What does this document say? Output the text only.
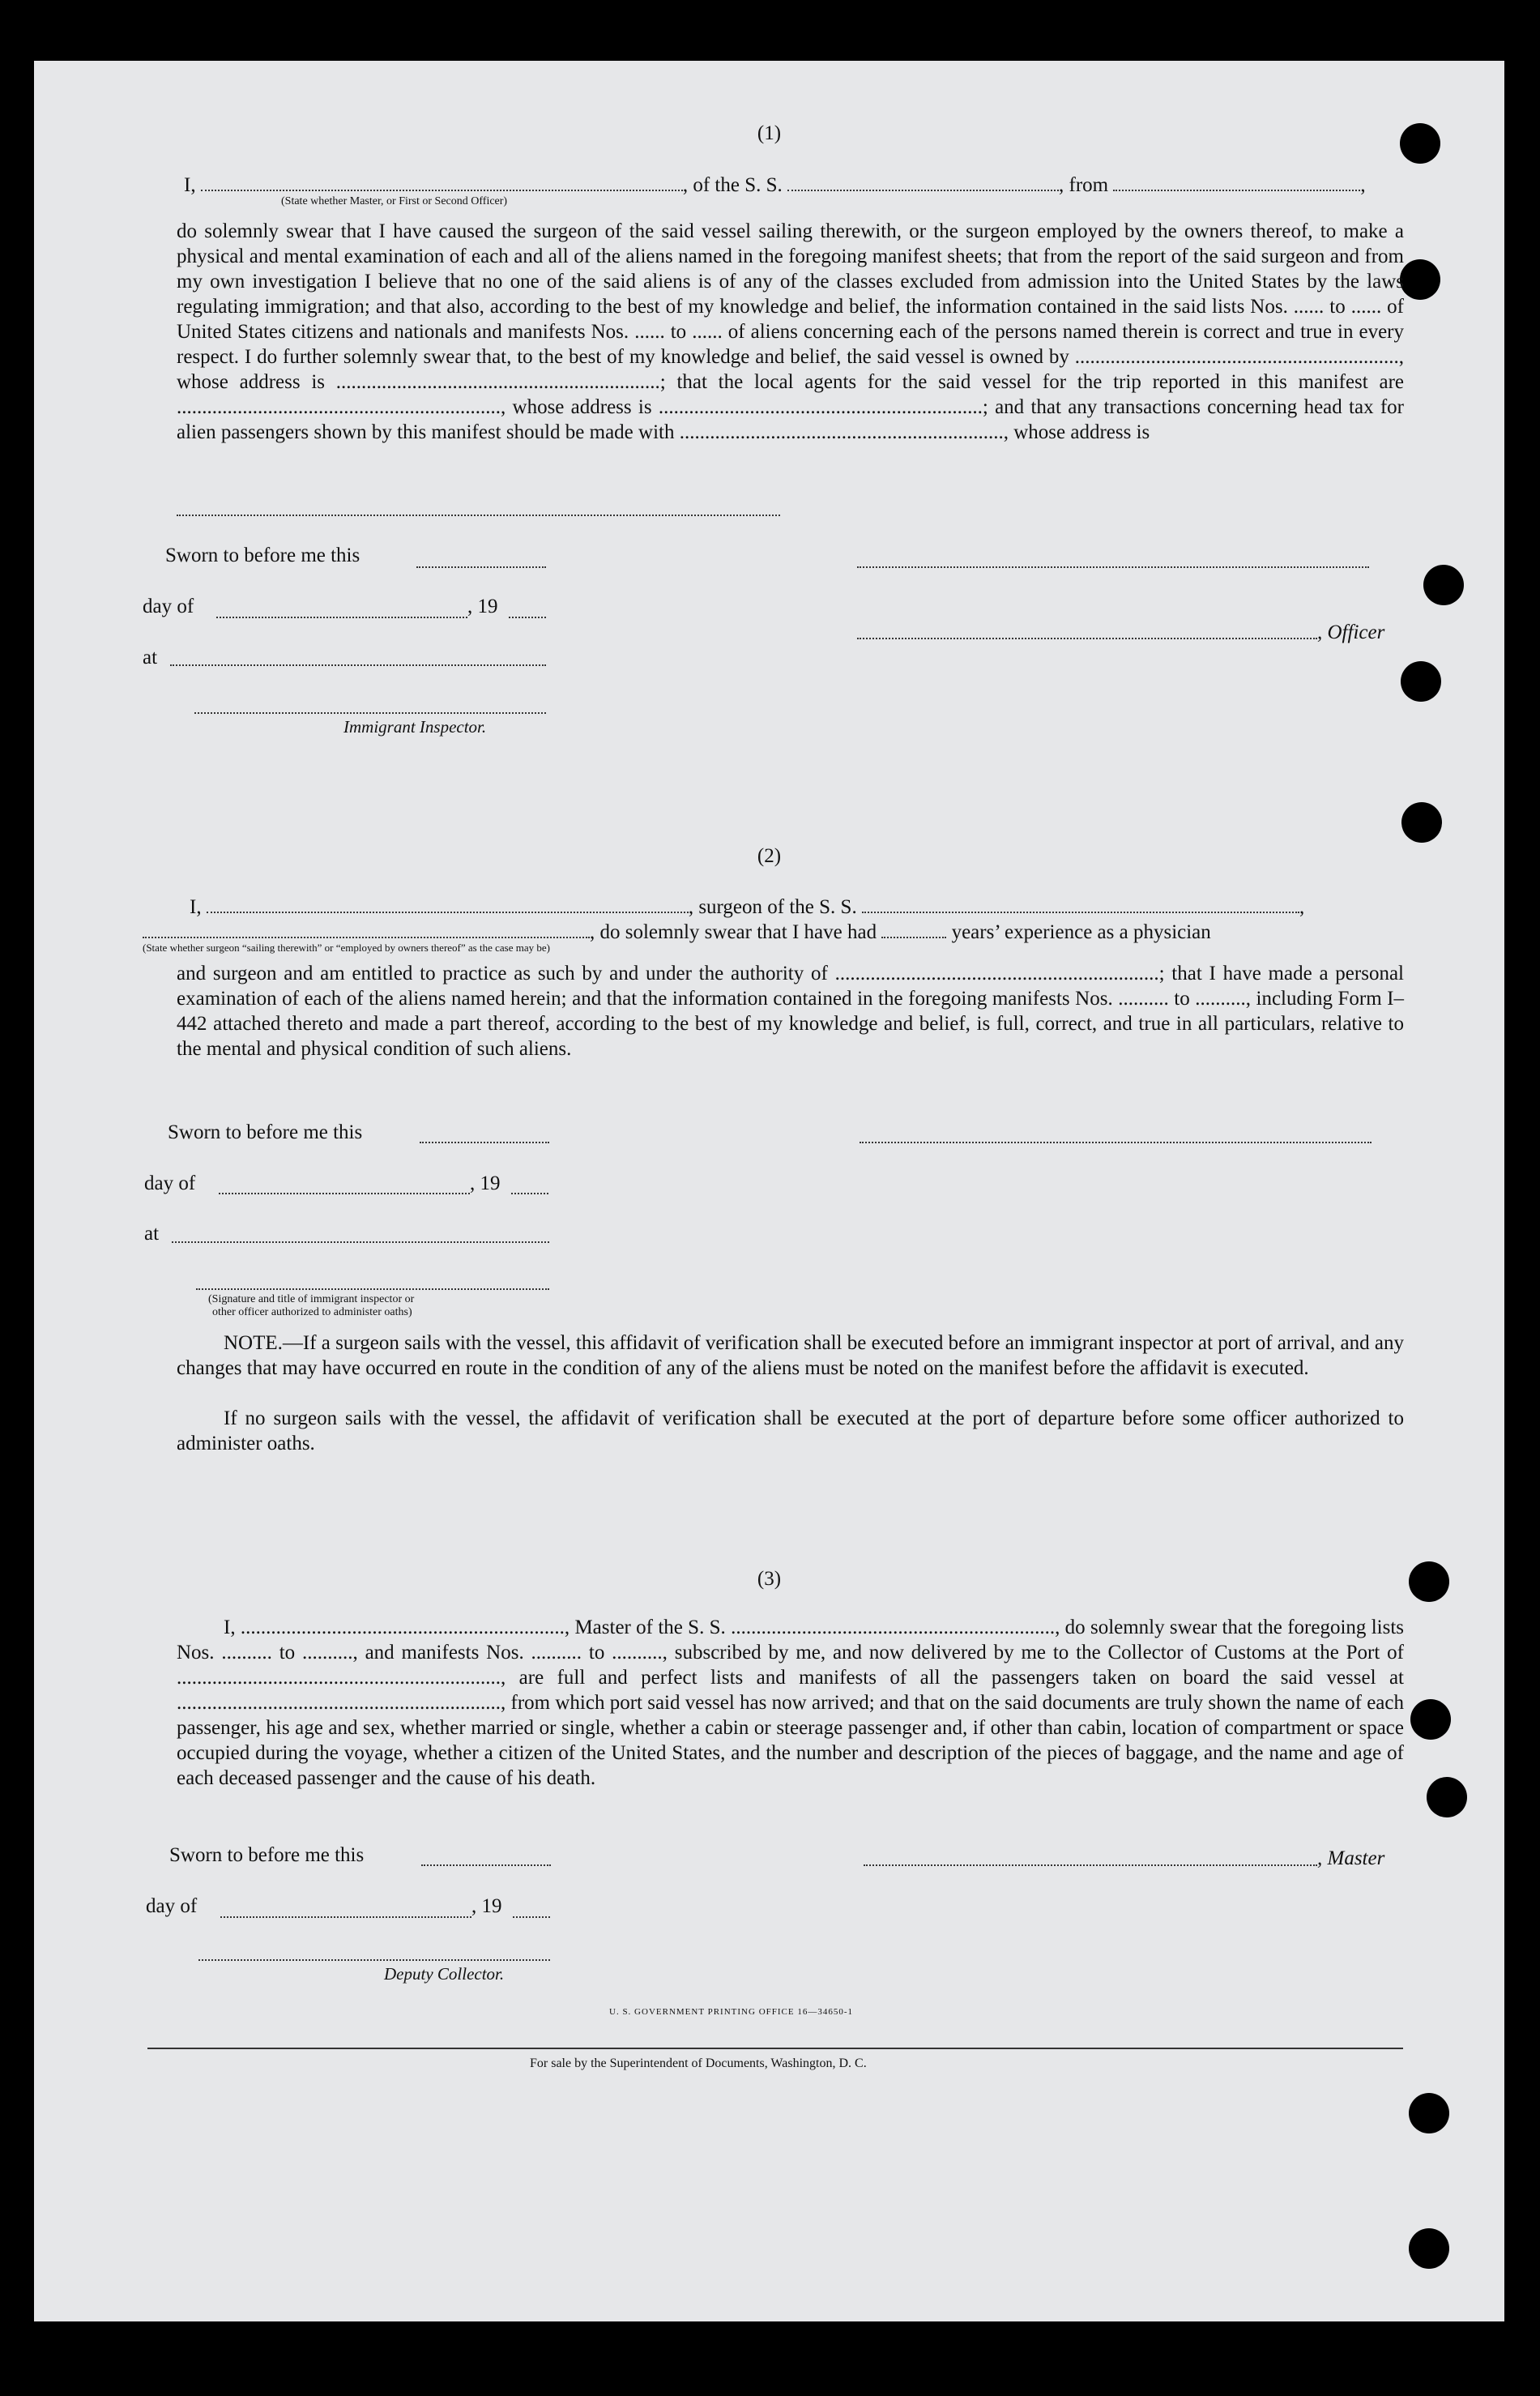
(1)
I,	, of the S. S.	, from	,
(State whether Master, or First or Second Officer)
do solemnly swear that I have caused the surgeon of the said vessel sailing therewith, or the surgeon employed by the owners thereof, to make a physical and mental examination of each and all of the aliens named in the foregoing manifest sheets; that from the report of the said surgeon and from my own investigation I believe that no one of the said aliens is of any of the classes excluded from admission into the United States by the laws regulating immigration; and that also, according to the best of my knowledge and belief, the information contained in the said lists Nos. ...... to ...... of United States citizens and nationals and manifests Nos. ...... to ...... of aliens concerning each of the persons named therein is correct and true in every respect. I do further solemnly swear that, to the best of my knowledge and belief, the said vessel is owned by ................................................................, whose address is ................................................................; that the local agents for the said vessel for the trip reported in this manifest are ................................................................, whose address is ................................................................; and that any transactions concerning head tax for alien passengers shown by this manifest should be made with ................................................................, whose address is
Sworn to before me this
day of	, 19
, Officer
at
Immigrant Inspector.
(2)
I,	, surgeon of the S. S.	,
, do solemnly swear that I have had	years’ experience as a physician
(State whether surgeon “sailing therewith” or “employed by owners thereof” as the case may be)
and surgeon and am entitled to practice as such by and under the authority of ................................................................; that I have made a personal examination of each of the aliens named herein; and that the information contained in the foregoing manifests Nos. .......... to .........., including Form I–442 attached thereto and made a part thereof, according to the best of my knowledge and belief, is full, correct, and true in all particulars, relative to the mental and physical condition of such aliens.
Sworn to before me this
day of	, 19
at
(Signature and title of immigrant inspector or
other officer authorized to administer oaths)
NOTE.—If a surgeon sails with the vessel, this affidavit of verification shall be executed before an immigrant inspector at port of arrival, and any changes that may have occurred en route in the condition of any of the aliens must be noted on the manifest before the affidavit is executed.
If no surgeon sails with the vessel, the affidavit of verification shall be executed at the port of departure before some officer authorized to administer oaths.
(3)
I, ................................................................, Master of the S. S. ................................................................, do solemnly swear that the foregoing lists Nos. .......... to .........., and manifests Nos. .......... to .........., subscribed by me, and now delivered by me to the Collector of Customs at the Port of ................................................................, are full and perfect lists and manifests of all the passengers taken on board the said vessel at ................................................................, from which port said vessel has now arrived; and that on the said documents are truly shown the name of each passenger, his age and sex, whether married or single, whether a cabin or steerage passenger and, if other than cabin, location of compartment or space occupied during the voyage, whether a citizen of the United States, and the number and description of the pieces of baggage, and the name and age of each deceased passenger and the cause of his death.
Sworn to before me this	, Master
day of	, 19
Deputy Collector.
U. S. GOVERNMENT PRINTING OFFICE 16—34650-1
For sale by the Superintendent of Documents, Washington, D. C.
